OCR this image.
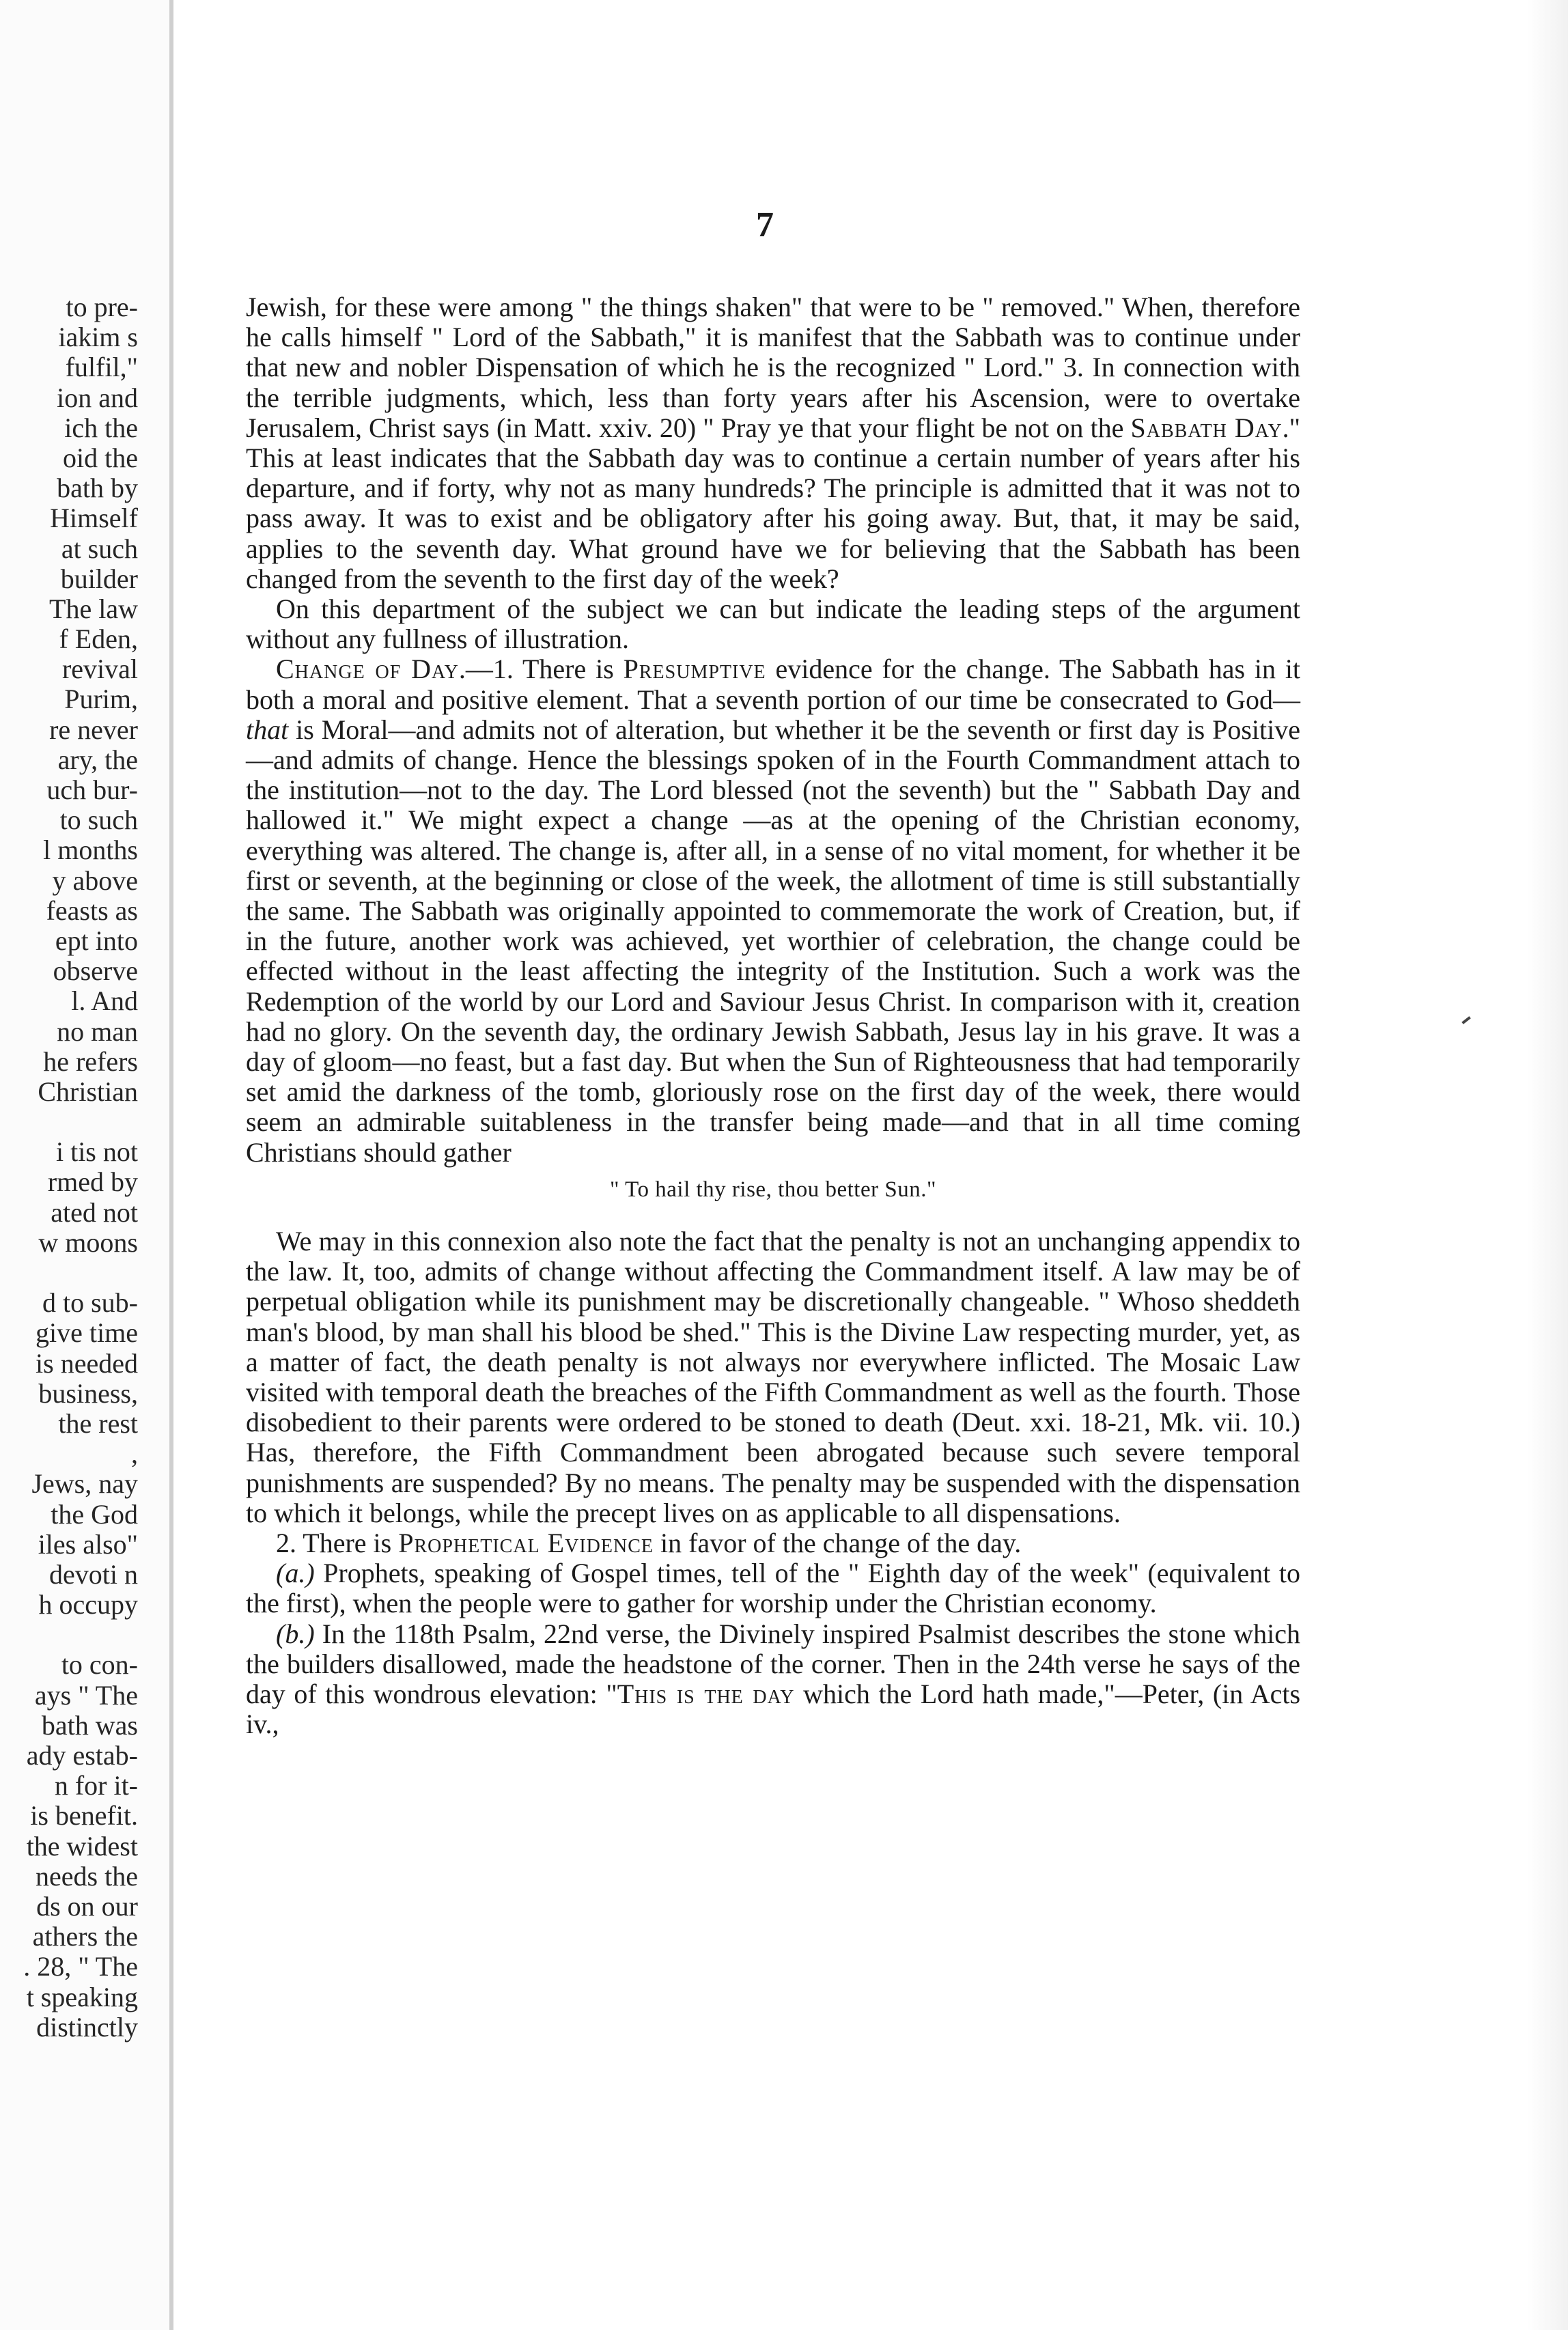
to pre-
iakim s
fulfil,"
ion and
ich the
oid the
bath by
Himself
at such
builder
The law
f Eden,
revival
Purim,
re never
ary, the
uch bur-
to such
l months
y above
feasts as
ept into
observe
l. And
no man
he refers
Christian

i tis not
rmed by
ated not
w moons

d to sub-
give time
is needed
business,
the rest
,
Jews, nay
the God
iles also"
devoti n
h occupy

to con-
ays " The
bath was
ady estab-
n for it-
is benefit.
the widest
needs the
ds on our
athers the
. 28, " The
t speaking
distinctly
7

Jewish, for these were among " the things shaken" that were to be " removed." When, therefore he calls himself " Lord of the Sabbath," it is manifest that the Sabbath was to continue under that new and nobler Dispensation of which he is the recognized " Lord." 3. In connection with the terrible judgments, which, less than forty years after his Ascension, were to overtake Jerusalem, Christ says (in Matt. xxiv. 20) " Pray ye that your flight be not on the Sabbath Day." This at least indicates that the Sabbath day was to continue a certain number of years after his departure, and if forty, why not as many hundreds? The principle is admitted that it was not to pass away. It was to exist and be obligatory after his going away. But, that, it may be said, applies to the seventh day. What ground have we for believing that the Sabbath has been changed from the seventh to the first day of the week?

On this department of the subject we can but indicate the leading steps of the argument without any fullness of illustration.

Change of Day.—1. There is Presumptive evidence for the change. The Sabbath has in it both a moral and positive element. That a seventh portion of our time be consecrated to God—that is Moral—and admits not of alteration, but whether it be the seventh or first day is Positive—and admits of change. Hence the blessings spoken of in the Fourth Commandment attach to the institution—not to the day. The Lord blessed (not the seventh) but the " Sabbath Day and hallowed it." We might expect a change —as at the opening of the Christian economy, everything was altered. The change is, after all, in a sense of no vital moment, for whether it be first or seventh, at the beginning or close of the week, the allotment of time is still substantially the same. The Sabbath was originally appointed to commemorate the work of Creation, but, if in the future, another work was achieved, yet worthier of celebration, the change could be effected without in the least affecting the integrity of the Institution. Such a work was the Redemption of the world by our Lord and Saviour Jesus Christ. In comparison with it, creation had no glory. On the seventh day, the ordinary Jewish Sabbath, Jesus lay in his grave. It was a day of gloom—no feast, but a fast day. But when the Sun of Righteousness that had temporarily set amid the darkness of the tomb, gloriously rose on the first day of the week, there would seem an admirable suitableness in the transfer being made—and that in all time coming Christians should gather

" To hail thy rise, thou better Sun."

We may in this connexion also note the fact that the penalty is not an unchanging appendix to the law. It, too, admits of change without affecting the Commandment itself. A law may be of perpetual obligation while its punishment may be discretionally changeable. " Whoso sheddeth man's blood, by man shall his blood be shed." This is the Divine Law respecting murder, yet, as a matter of fact, the death penalty is not always nor everywhere inflicted. The Mosaic Law visited with temporal death the breaches of the Fifth Commandment as well as the fourth. Those disobedient to their parents were ordered to be stoned to death (Deut. xxi. 18-21, Mk. vii. 10.) Has, therefore, the Fifth Commandment been abrogated because such severe temporal punishments are suspended? By no means. The penalty may be suspended with the dispensation to which it belongs, while the precept lives on as applicable to all dispensations.

2. There is Prophetical Evidence in favor of the change of the day.

(a.) Prophets, speaking of Gospel times, tell of the " Eighth day of the week" (equivalent to the first), when the people were to gather for worship under the Christian economy.

(b.) In the 118th Psalm, 22nd verse, the Divinely inspired Psalmist describes the stone which the builders disallowed, made the headstone of the corner. Then in the 24th verse he says of the day of this wondrous elevation: "This is the day which the Lord hath made,"—Peter, (in Acts iv.,
